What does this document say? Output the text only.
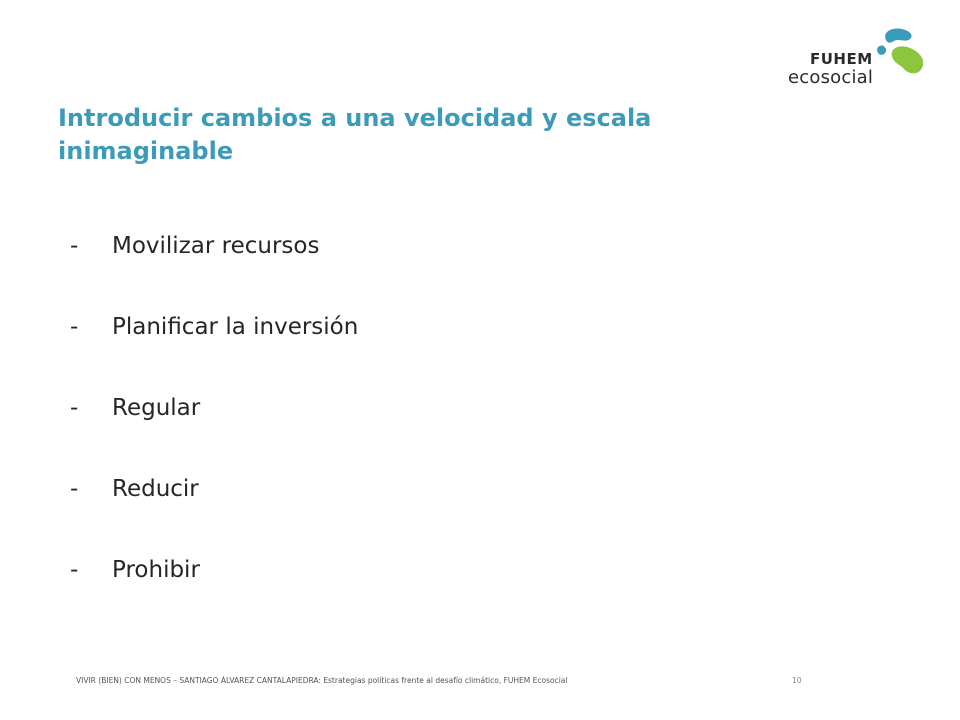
FUHEM
ecosocial
Introducir cambios a una velocidad y escala inimaginable
-	Movilizar recursos
-	Planificar la inversión
-	Regular
-	Reducir
-	Prohibir
VIVIR (BIEN) CON MENOS – SANTIAGO ÁLVAREZ CANTALAPIEDRA: Estrategias políticas frente al desafío climático, FUHEM Ecosocial	10
